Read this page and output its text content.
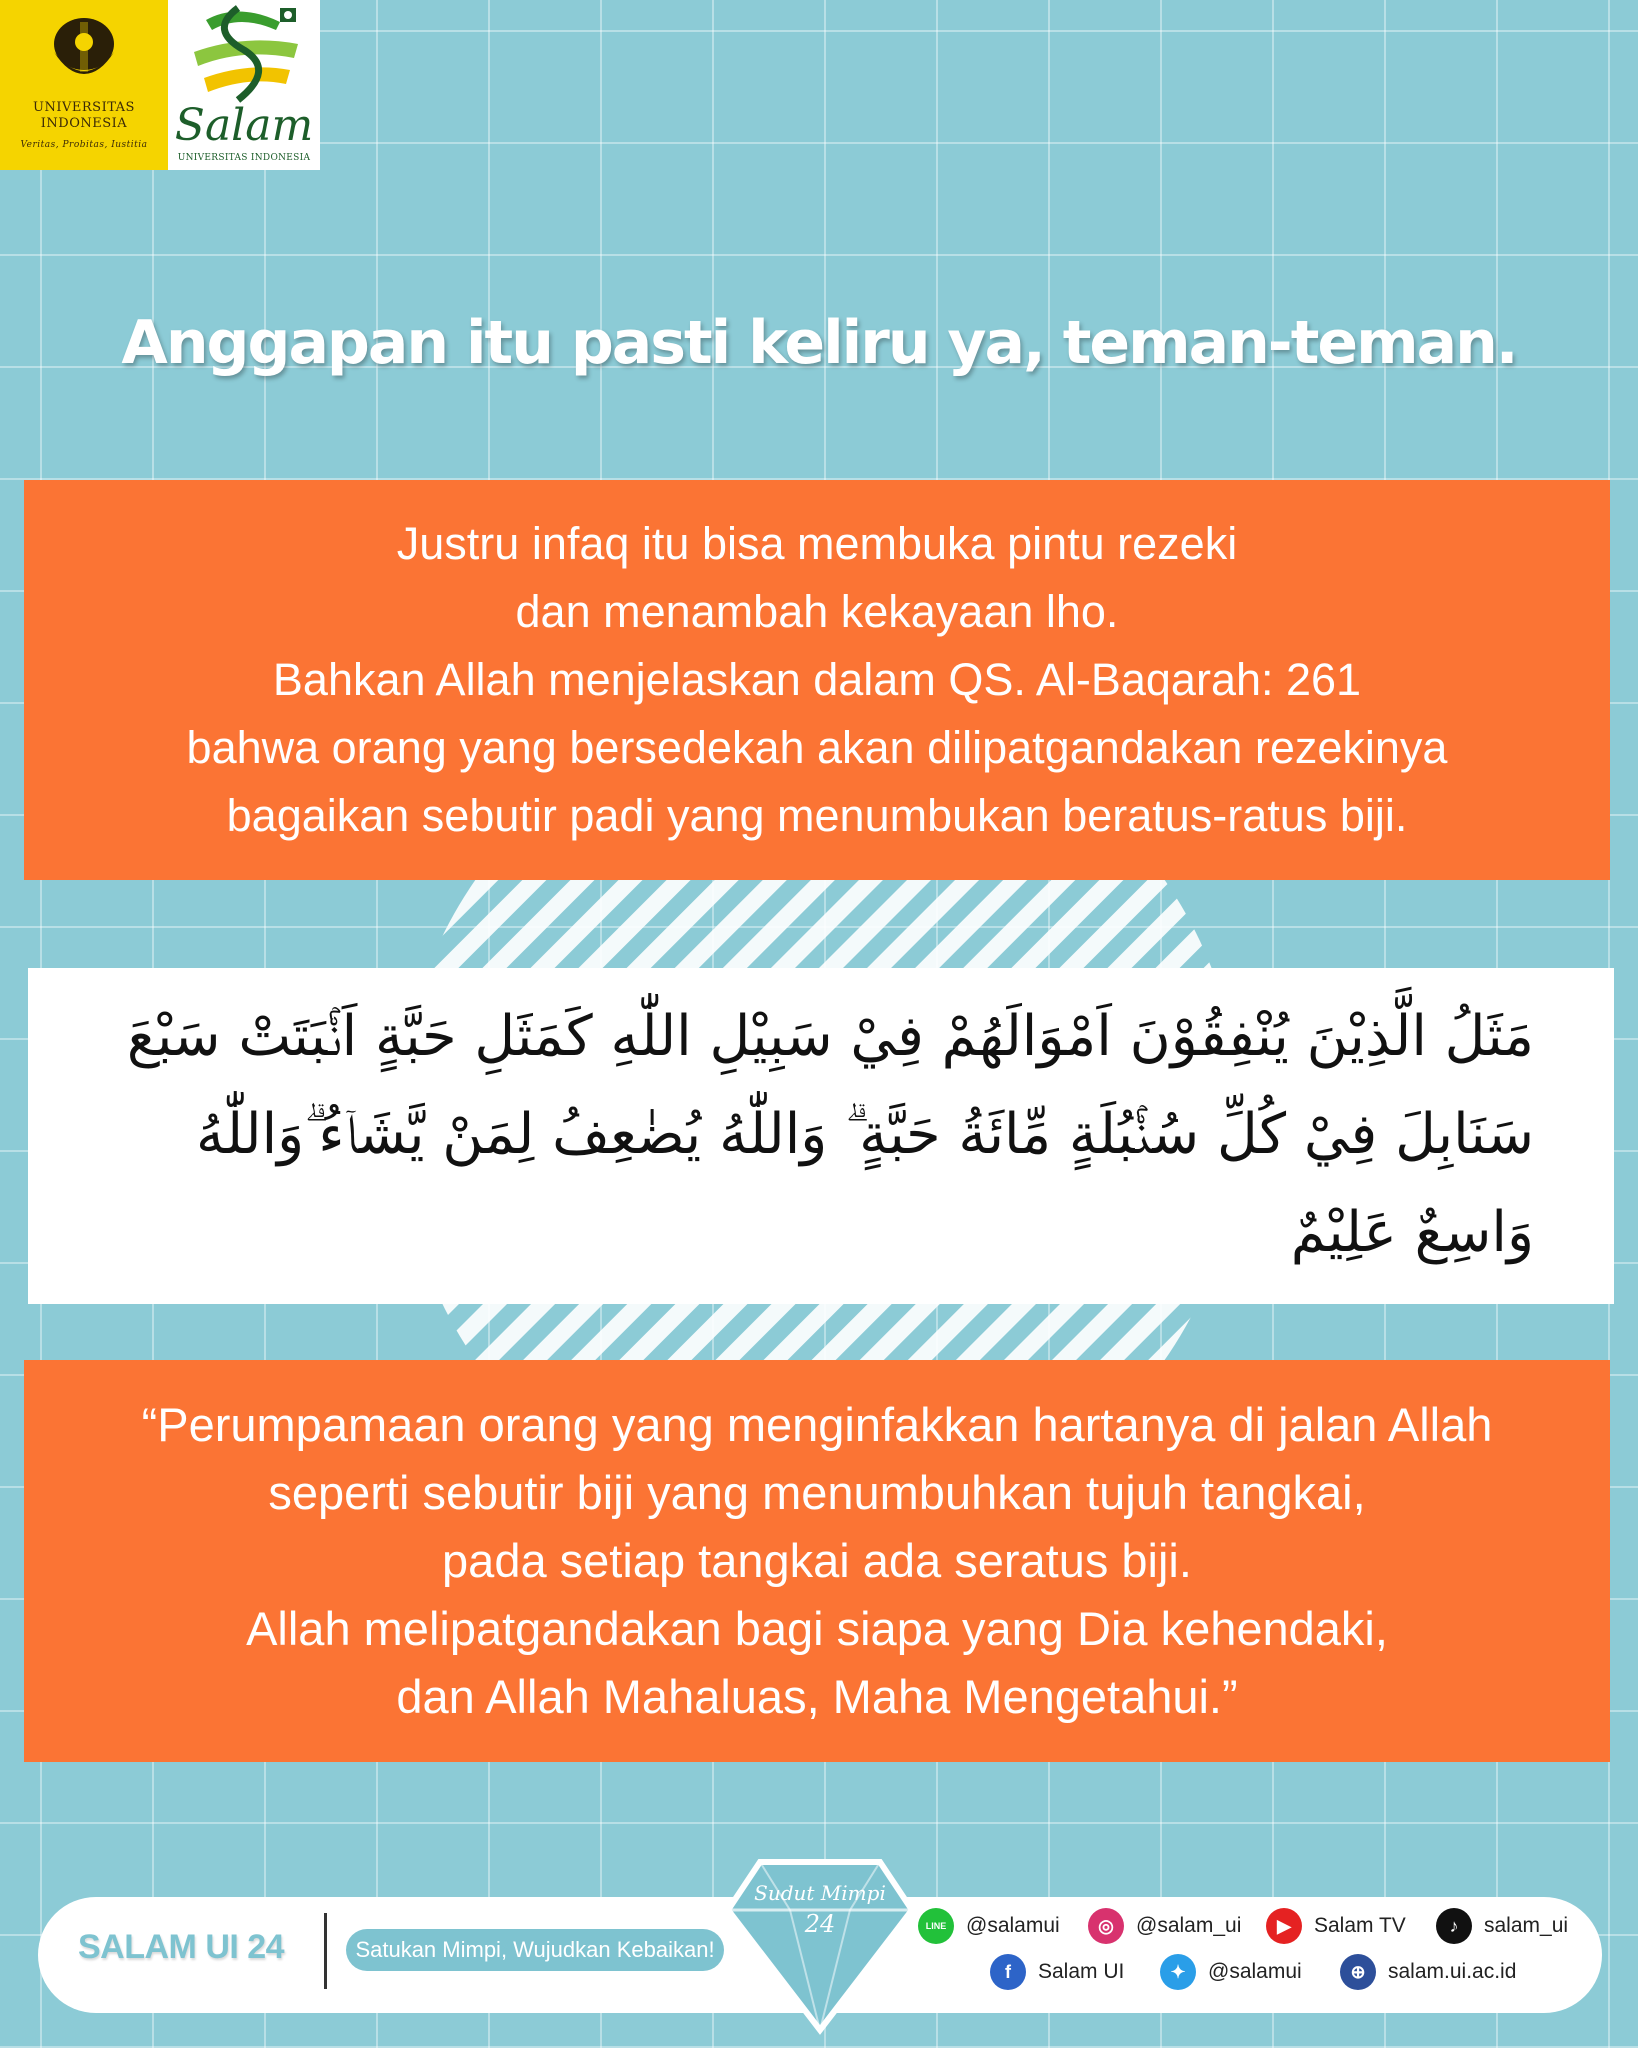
UNIVERSITAS
INDONESIA
Veritas, Probitas, Iustitia Salam
UNIVERSITAS INDONESIA
Anggapan itu pasti keliru ya, teman-teman.
Justru infaq itu bisa membuka pintu rezeki
dan menambah kekayaan lho.
Bahkan Allah menjelaskan dalam QS. Al-Baqarah: 261
bahwa orang yang bersedekah akan dilipatgandakan rezekinya
bagaikan sebutir padi yang menumbukan beratus-ratus biji.
مَثَلُ الَّذِيْنَ يُنْفِقُوْنَ اَمْوَالَهُمْ فِيْ سَبِيْلِ اللّٰهِ كَمَثَلِ حَبَّةٍ اَنْۢبَتَتْ سَبْعَ سَنَابِلَ فِيْ كُلِّ سُنْۢبُلَةٍ مِّائَةُ حَبَّةٍ ۗ وَاللّٰهُ يُضٰعِفُ لِمَنْ يَّشَاۤءُ ۗوَاللّٰهُ وَاسِعٌ عَلِيْمٌ
“Perumpamaan orang yang menginfakkan hartanya di jalan Allah
seperti sebutir biji yang menumbuhkan tujuh tangkai,
pada setiap tangkai ada seratus biji.
Allah melipatgandakan bagi siapa yang Dia kehendaki,
dan Allah Mahaluas, Maha Mengetahui.”
SALAM UI 24	Satukan Mimpi, Wujudkan Kebaikan!
Sudut Mimpi
24	LINE @salamui	◎	@salam_ui	▶	Salam TV	♪	salam_ui
f	Salam UI	✦	@salamui	⊕	salam.ui.ac.id
